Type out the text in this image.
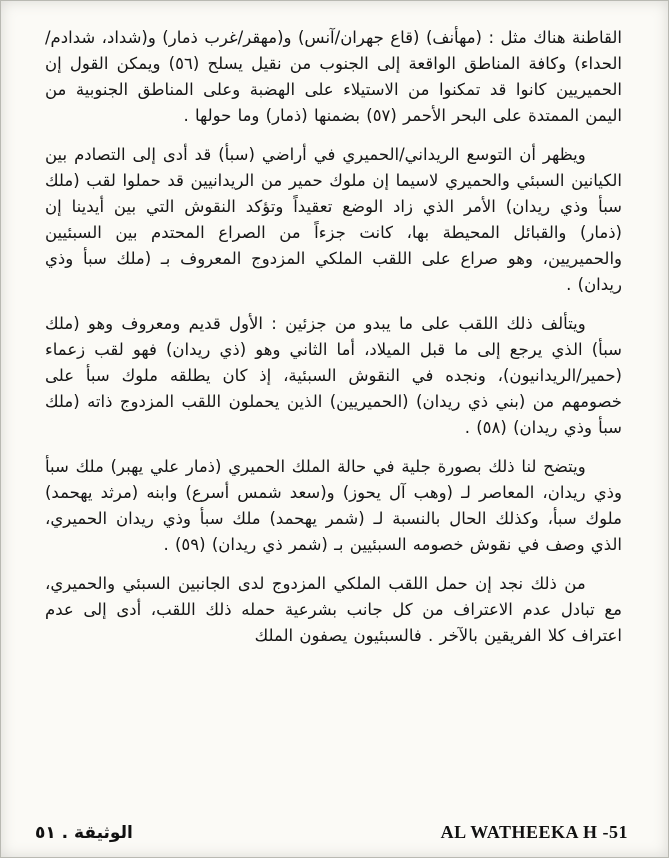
القاطنة هناك مثل : (مهأنف) (قاع جهران/آنس) و(مهقر/غرب ذمار) و(شداد، شدادم/الحداء) وكافة المناطق الواقعة إلى الجنوب من نقيل يسلح (٥٦) ويمكن القول إن الحميريين كانوا قد تمكنوا من الاستيلاء على الهضبة وعلى المناطق الجنوبية من اليمن الممتدة على البحر الأحمر (٥٧) بضمنها (ذمار) وما حولها .

ويظهر أن التوسع الريداني/الحميري في أراضي (سبأ) قد أدى إلى التصادم بين الكيانين السبئي والحميري لاسيما إن ملوك حمير من الريدانيين قد حملوا لقب (ملك سبأ وذي ريدان) الأمر الذي زاد الوضع تعقيداً وتؤكد النقوش التي بين أيدينا إن (ذمار) والقبائل المحيطة بها، كانت جزءاً من الصراع المحتدم بين السبئيين والحميريين، وهو صراع على اللقب الملكي المزدوج المعروف بـ (ملك سبأ وذي ريدان) .

ويتألف ذلك اللقب على ما يبدو من جزئين : الأول قديم ومعروف وهو (ملك سبأ) الذي يرجع إلى ما قبل الميلاد، أما الثاني وهو (ذي ريدان) فهو لقب زعماء (حمير/الريدانيون)، ونجده في النقوش السبئية، إذ كان يطلقه ملوك سبأ على خصومهم من (بني ذي ريدان) (الحميريين) الذين يحملون اللقب المزدوج ذاته (ملك سبأ وذي ريدان) (٥٨) .

ويتضح لنا ذلك بصورة جلية في حالة الملك الحميري (ذمار علي يهبر) ملك سبأ وذي ريدان، المعاصر لـ (وهب آل يحوز) و(سعد شمس أسرع) وابنه (مرثد يهحمد) ملوك سبأ، وكذلك الحال بالنسبة لـ (شمر يهحمد) ملك سبأ وذي ريدان الحميري، الذي وصف في نقوش خصومه السبئيين بـ (شمر ذي ريدان) (٥٩) .

من ذلك نجد إن حمل اللقب الملكي المزدوج لدى الجانبين السبئي والحميري، مع تبادل عدم الاعتراف من كل جانب بشرعية حمله ذلك اللقب، أدى إلى عدم اعتراف كلا الفريقين بالآخر . فالسبئيون يصفون الملك

الوثيقة . ٥١	AL WATHEEKA H -51
